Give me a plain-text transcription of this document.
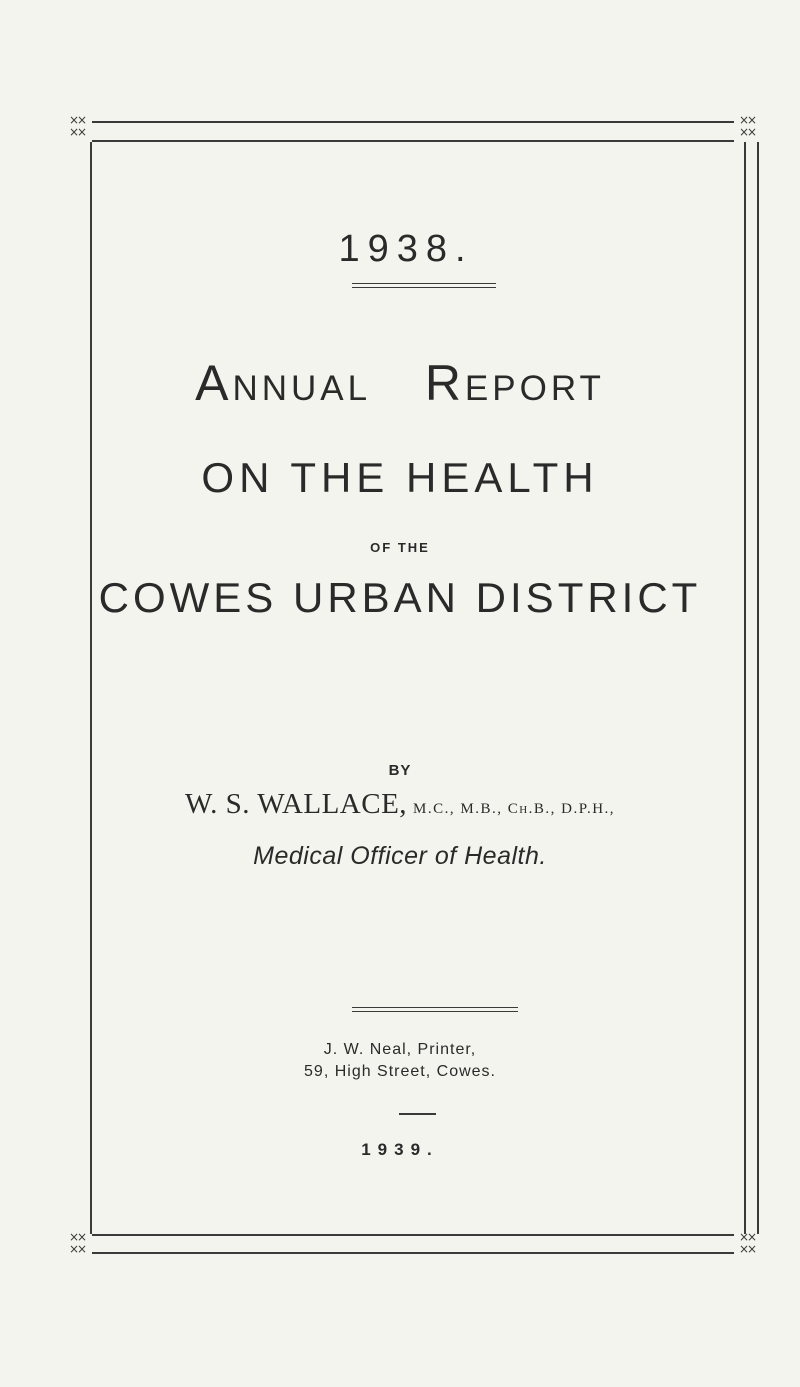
××
××
××
××
××
××
××
××
1938.
Annual Report
ON THE HEALTH
OF THE
COWES URBAN DISTRICT
BY
W. S. WALLACE, M.C., M.B., Ch.B., D.P.H.,
Medical Officer of Health.
J. W. Neal, Printer,
59, High Street, Cowes.
1939.
